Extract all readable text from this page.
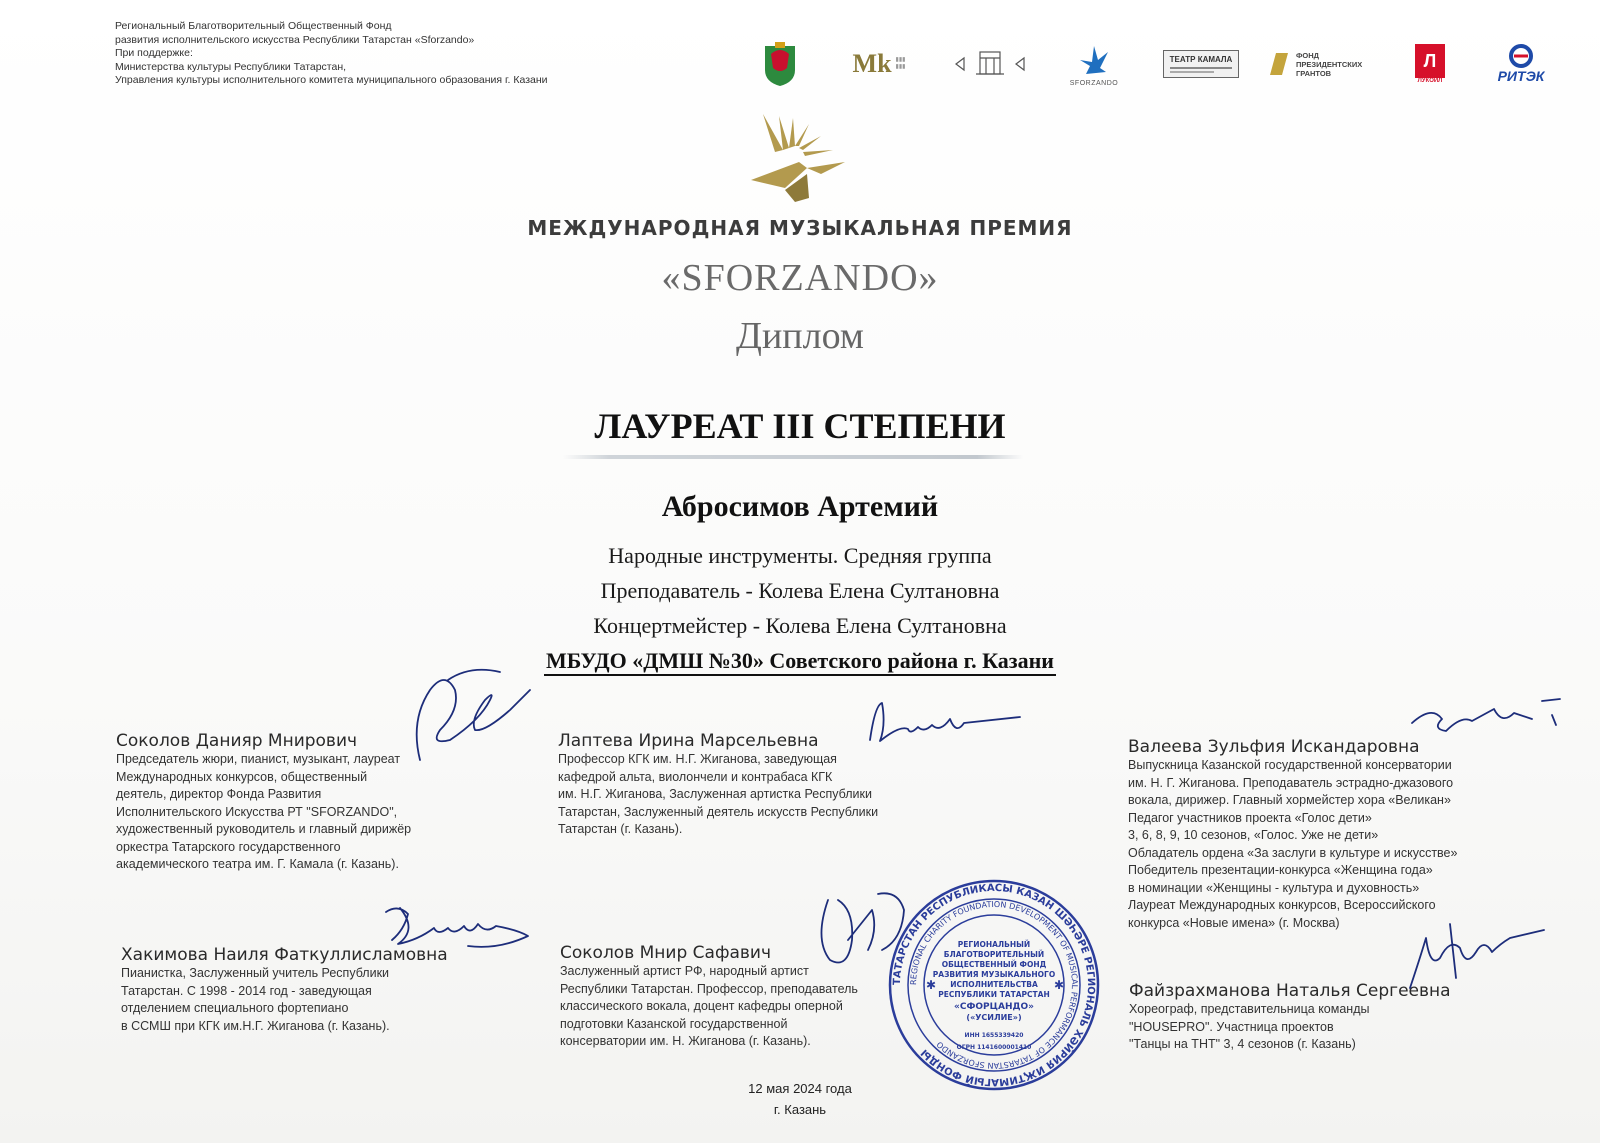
Региональный Благотворительный Общественный Фонд
развития исполнительского искусства Республики Татарстан «Sforzando»
При поддержке:
Министерства культуры Республики Татарстан,
Управления культуры исполнительного комитета муниципального образования г. Казани
Mk ▮▮▮
▮▮▮
SFORZANDO
ТЕАТР КАМАЛА	ФОНД
ПРЕЗИДЕНТСКИХ
ГРАНТОВ
Л
ЛУКОЙЛ	РИТЭК
МЕЖДУНАРОДНАЯ МУЗЫКАЛЬНАЯ ПРЕМИЯ
«SFORZANDO»
Диплом
ЛАУРЕАТ III СТЕПЕНИ
Абросимов Артемий
Народные инструменты. Средняя группа
Преподаватель - Колева Елена Султановна
Концертмейстер - Колева Елена Султановна
МБУДО «ДМШ №30» Советского района г. Казани
Соколов Данияр Мнирович
Председатель жюри, пианист, музыкант, лауреат
Международных конкурсов, общественный
деятель, директор Фонда Развития
Исполнительского Искусства РТ "SFORZANDO",
художественный руководитель и главный дирижёр
оркестра Татарского государственного
академического театра им. Г. Камала (г. Казань).
Лаптева Ирина Марсельевна
Профессор КГК им. Н.Г. Жиганова, заведующая
кафедрой альта, виолончели и контрабаса КГК
им. Н.Г. Жиганова, Заслуженная артистка Республики
Татарстан, Заслуженный деятель искусств Республики
Татарстан (г. Казань).
Валеева Зульфия Искандаровна
Выпускница Казанской государственной консерватории
им. Н. Г. Жиганова. Преподаватель эстрадно-джазового
вокала, дирижер. Главный хормейстер хора «Великан»
Педагог участников проекта «Голос дети»
3, 6, 8, 9, 10 сезонов, «Голос. Уже не дети»
Обладатель ордена «За заслуги в культуре и искусстве»
Победитель презентации-конкурса «Женщина года»
в номинации «Женщины - культура и духовность»
Лауреат Международных конкурсов, Всероссийского
конкурса «Новые имена» (г. Москва)
Хакимова Наиля Фаткуллисламовна
Пианистка, Заслуженный учитель Республики
Татарстан. С 1998 - 2014 год - заведующая
отделением специального фортепиано
в ССМШ при КГК им.Н.Г. Жиганова (г. Казань).
Соколов Мнир Сафавич
Заслуженный артист РФ, народный артист
Республики Татарстан. Профессор, преподаватель
классического вокала, доцент кафедры оперной
подготовки Казанской государственной
консерватории им. Н. Жиганова (г. Казань).
Файзрахманова Наталья Сергеевна
Хореограф, представительница команды
"HOUSEPRO". Участница проектов
"Танцы на ТНТ" 3, 4 сезонов (г. Казань)
12 мая 2024 года
г. Казань
ТАТАРСТАН РЕСПУБЛИКАСЫ КАЗАН ШӘҺӘРЕ РЕГИОНАЛЬ ХӘЙРИЯ ИҖТИМАГЫЙ ФОНДЫ
REGIONAL CHARITY FOUNDATION DEVELOPMENT OF MUSICAL PERFORMANCE OF TATARSTAN SFORZANDO
РЕГИОНАЛЬНЫЙ
БЛАГОТВОРИТЕЛЬНЫЙ
ОБЩЕСТВЕННЫЙ ФОНД
РАЗВИТИЯ МУЗЫКАЛЬНОГО
ИСПОЛНИТЕЛЬСТВА
РЕСПУБЛИКИ ТАТАРСТАН
«СФОРЦАНДО»
(«УСИЛИЕ»)
ИНН 1655339420
ОГРН 1141600001410
✱	✱
